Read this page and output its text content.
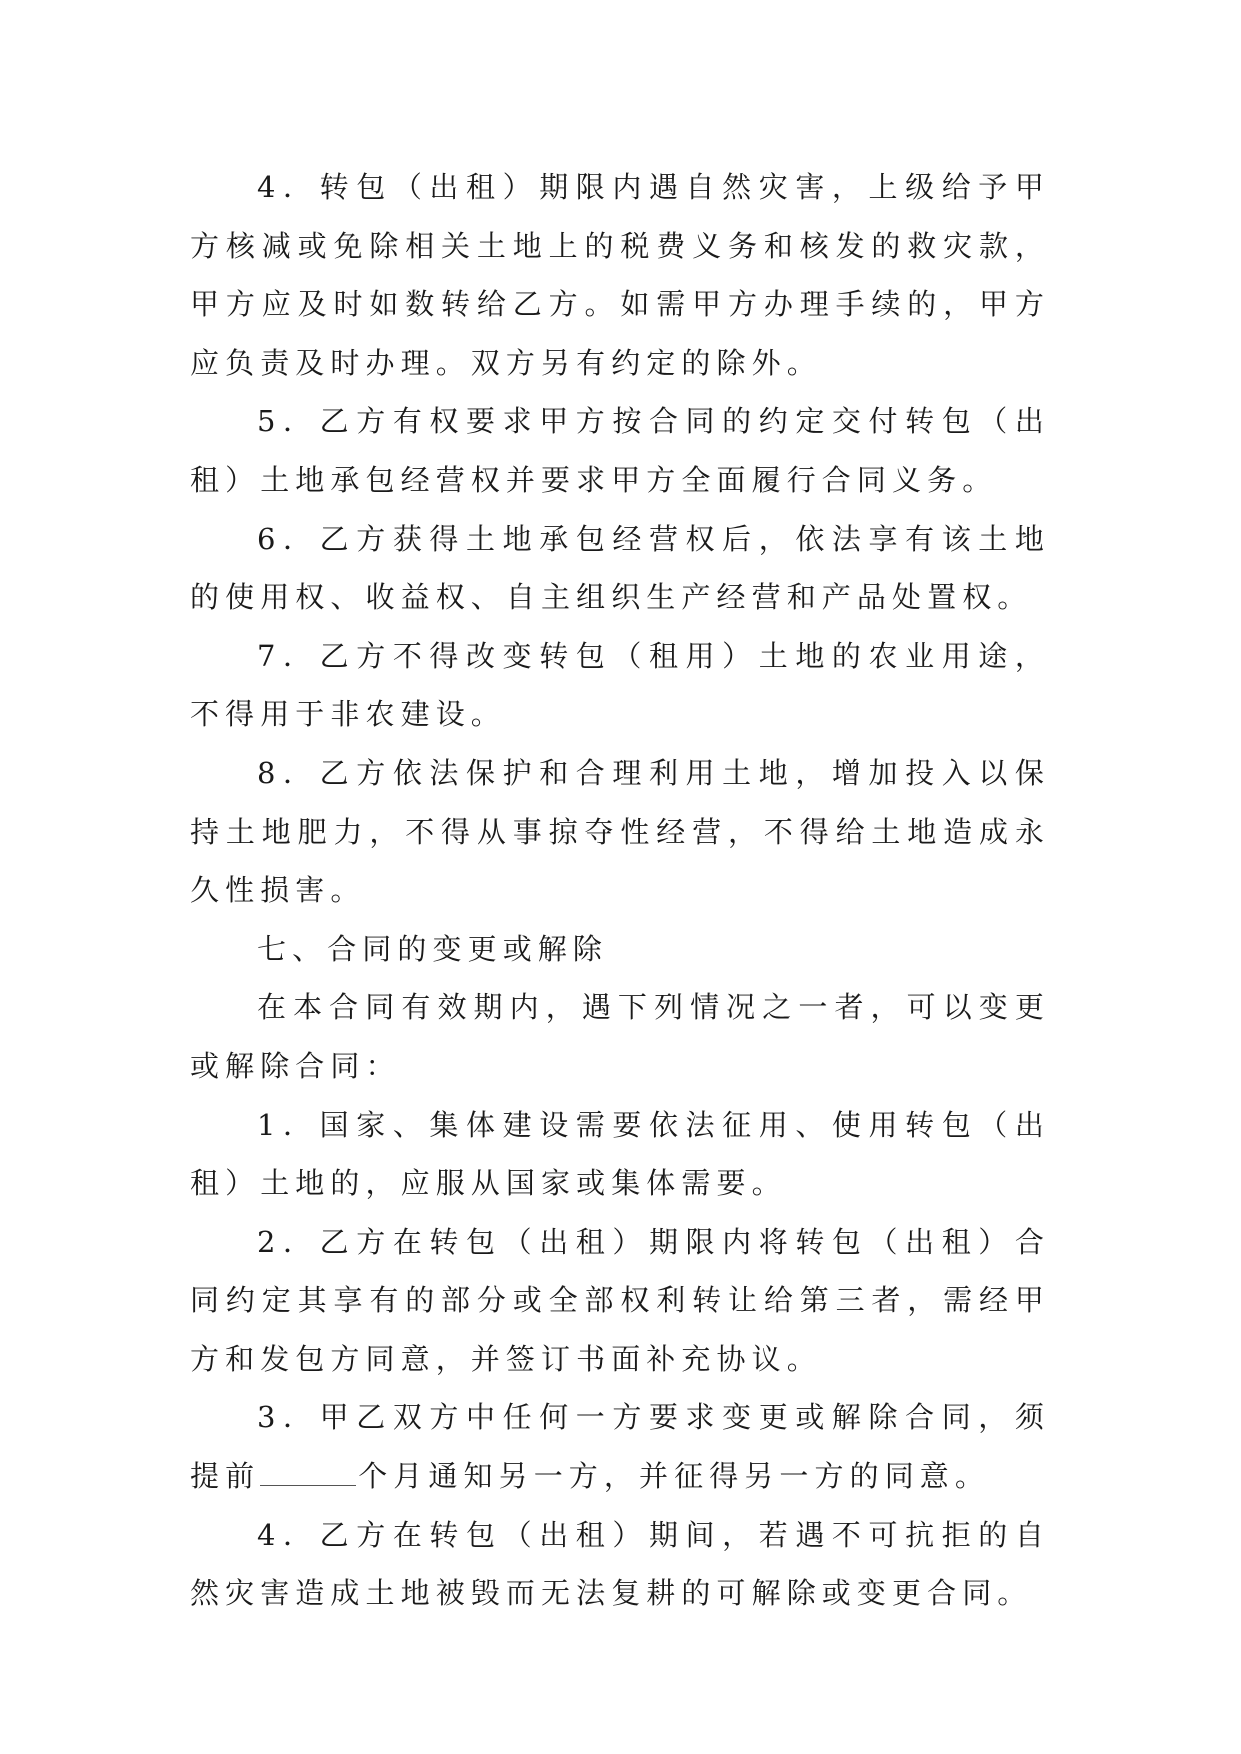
4．转包（出租）期限内遇自然灾害，上级给予甲方核减或免除相关土地上的税费义务和核发的救灾款，甲方应及时如数转给乙方。如需甲方办理手续的，甲方应负责及时办理。双方另有约定的除外。

5．乙方有权要求甲方按合同的约定交付转包（出租）土地承包经营权并要求甲方全面履行合同义务。

6．乙方获得土地承包经营权后，依法享有该土地的使用权、收益权、自主组织生产经营和产品处置权。

7．乙方不得改变转包（租用）土地的农业用途，不得用于非农建设。

8．乙方依法保护和合理利用土地，增加投入以保持土地肥力，不得从事掠夺性经营，不得给土地造成永久性损害。

七、合同的变更或解除

在本合同有效期内，遇下列情况之一者，可以变更或解除合同：

1．国家、集体建设需要依法征用、使用转包（出租）土地的，应服从国家或集体需要。

2．乙方在转包（出租）期限内将转包（出租）合同约定其享有的部分或全部权利转让给第三者，需经甲方和发包方同意，并签订书面补充协议。

3．甲乙双方中任何一方要求变更或解除合同，须提前	个月通知另一方，并征得另一方的同意。

4．乙方在转包（出租）期间，若遇不可抗拒的自然灾害造成土地被毁而无法复耕的可解除或变更合同。
